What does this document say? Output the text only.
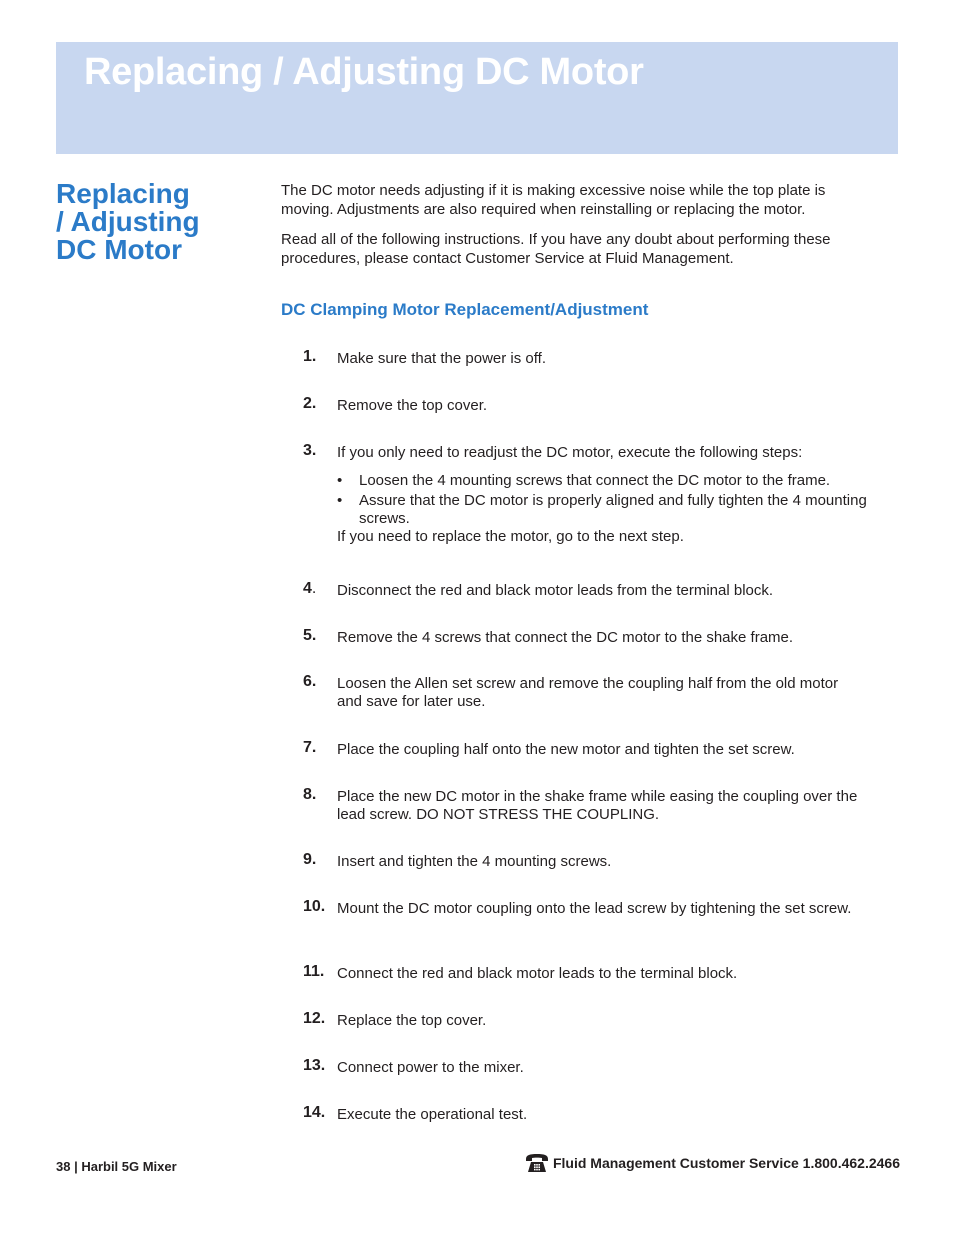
Replacing / Adjusting DC Motor
Replacing
/ Adjusting
DC Motor

The DC motor needs adjusting if it is making excessive noise while the top plate is moving. Adjustments are also required when reinstalling or replacing the motor.

Read all of the following instructions. If you have any doubt about performing these procedures, please contact Customer Service at Fluid Management.

DC Clamping Motor Replacement/Adjustment
1. Make sure that the power is off.

2. Remove the top cover.

3. If you only need to readjust the DC motor, execute the following steps:

• Loosen the 4 mounting screws that connect the DC motor to the frame.
• Assure that the DC motor is properly aligned and fully tighten the 4 mounting screws.

If you need to replace the motor, go to the next step.

4. Disconnect the red and black motor leads from the terminal block.

5. Remove the 4 screws that connect the DC motor to the shake frame.

6. Loosen the Allen set screw and remove the coupling half from the old motor and save for later use.

7. Place the coupling half onto the new motor and tighten the set screw.

8. Place the new DC motor in the shake frame while easing the coupling over the lead screw. DO NOT STRESS THE COUPLING.

9. Insert and tighten the 4 mounting screws.

10. Mount the DC motor coupling onto the lead screw by tightening the set screw.

11. Connect the red and black motor leads to the terminal block.

12. Replace the top cover.

13. Connect power to the mixer.

14. Execute the operational test.

38 | Harbil 5G Mixer	Fluid Management Customer Service 1.800.462.2466
